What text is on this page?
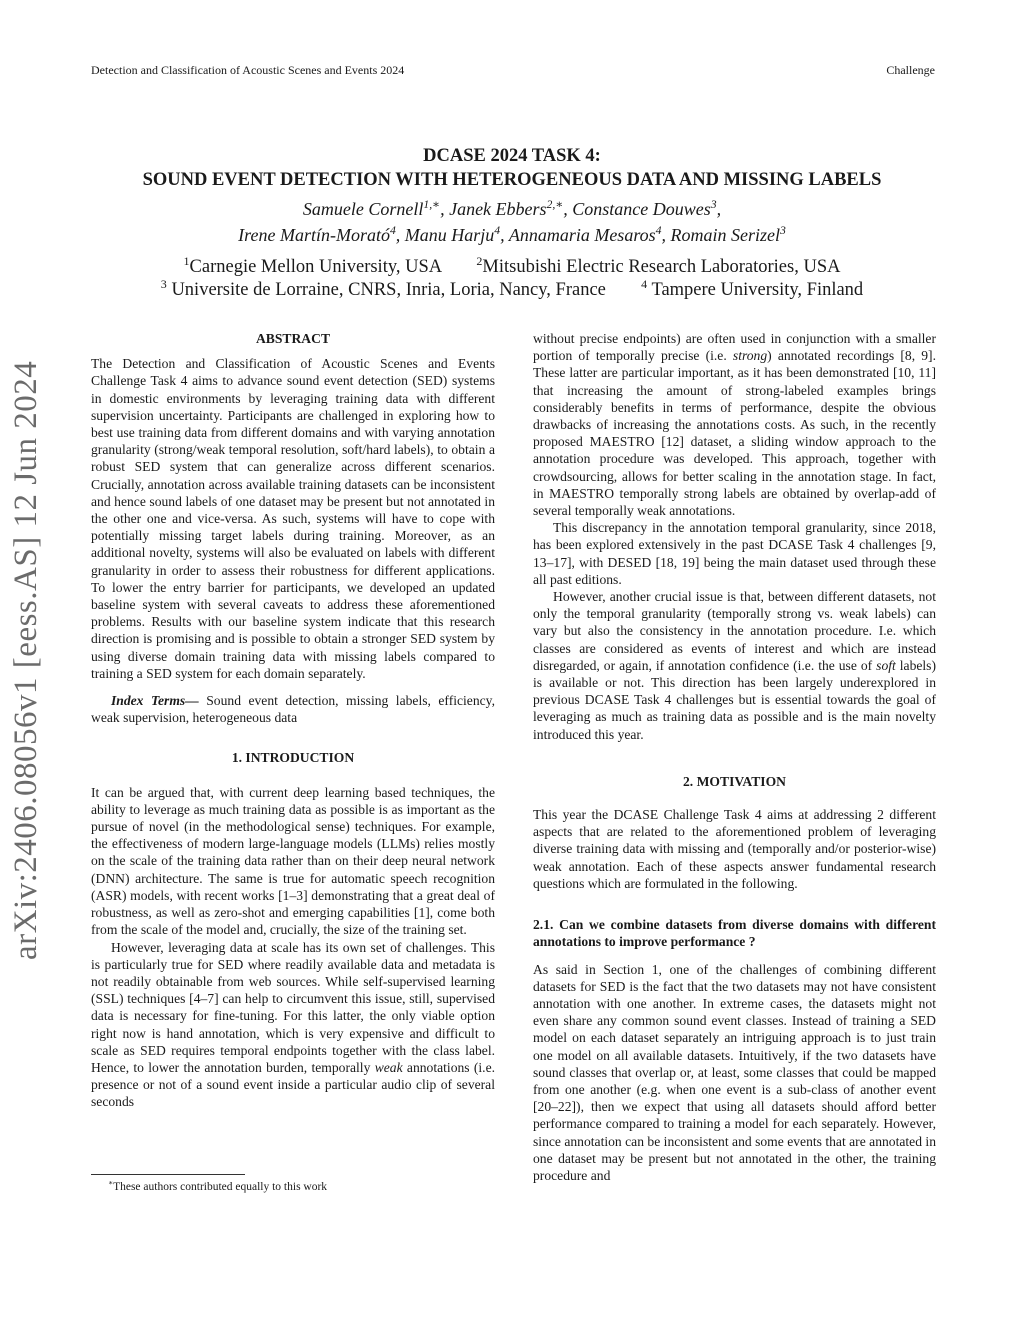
Detection and Classification of Acoustic Scenes and Events 2024	Challenge
arXiv:2406.08056v1 [eess.AS] 12 Jun 2024
DCASE 2024 TASK 4:
SOUND EVENT DETECTION WITH HETEROGENEOUS DATA AND MISSING LABELS
Samuele Cornell$^{1,∗}$, Janek Ebbers$^{2,∗}$, Constance Douwes$^3$,
Irene Martín-Morató$^4$, Manu Harju$^4$, Annamaria Mesaros$^4$, Romain Serizel$^3$
$^1$Carnegie Mellon University, USA	$^2$Mitsubishi Electric Research Laboratories, USA
$^3$ Universite de Lorraine, CNRS, Inria, Loria, Nancy, France	$^4$ Tampere University, Finland
ABSTRACT

The Detection and Classification of Acoustic Scenes and Events Challenge Task 4 aims to advance sound event detection (SED) systems in domestic environments by leveraging training data with different supervision uncertainty. Participants are challenged in exploring how to best use training data from different domains and with varying annotation granularity (strong/weak temporal resolution, soft/hard labels), to obtain a robust SED system that can generalize across different scenarios. Crucially, annotation across available training datasets can be inconsistent and hence sound labels of one dataset may be present but not annotated in the other one and vice-versa. As such, systems will have to cope with potentially missing target labels during training. Moreover, as an additional novelty, systems will also be evaluated on labels with different granularity in order to assess their robustness for different applications. To lower the entry barrier for participants, we developed an updated baseline system with several caveats to address these aforementioned problems. Results with our baseline system indicate that this research direction is promising and is possible to obtain a stronger SED system by using diverse domain training data with missing labels compared to training a SED system for each domain separately.

Index Terms— Sound event detection, missing labels, efficiency, weak supervision, heterogeneous data

1. INTRODUCTION

It can be argued that, with current deep learning based techniques, the ability to leverage as much training data as possible is as important as the pursue of novel (in the methodological sense) techniques. For example, the effectiveness of modern large-language models (LLMs) relies mostly on the scale of the training data rather than on their deep neural network (DNN) architecture. The same is true for automatic speech recognition (ASR) models, with recent works [1–3] demonstrating that a great deal of robustness, as well as zero-shot and emerging capabilities [1], come both from the scale of the model and, crucially, the size of the training set.

However, leveraging data at scale has its own set of challenges. This is particularly true for SED where readily available data and metadata is not readily obtainable from web sources. While self-supervised learning (SSL) techniques [4–7] can help to circumvent this issue, still, supervised data is necessary for fine-tuning. For this latter, the only viable option right now is hand annotation, which is very expensive and difficult to scale as SED requires temporal endpoints together with the class label. Hence, to lower the annotation burden, temporally weak annotations (i.e. presence or not of a sound event inside a particular audio clip of several seconds

∗These authors contributed equally to this work

without precise endpoints) are often used in conjunction with a smaller portion of temporally precise (i.e. strong) annotated recordings [8, 9]. These latter are particular important, as it has been demonstrated [10, 11] that increasing the amount of strong-labeled examples brings considerably benefits in terms of performance, despite the obvious drawbacks of increasing the annotations costs. As such, in the recently proposed MAESTRO [12] dataset, a sliding window approach to the annotation procedure was developed. This approach, together with crowdsourcing, allows for better scaling in the annotation stage. In fact, in MAESTRO temporally strong labels are obtained by overlap-add of several temporally weak annotations.

This discrepancy in the annotation temporal granularity, since 2018, has been explored extensively in the past DCASE Task 4 challenges [9, 13–17], with DESED [18, 19] being the main dataset used through these all past editions.

However, another crucial issue is that, between different datasets, not only the temporal granularity (temporally strong vs. weak labels) can vary but also the consistency in the annotation procedure. I.e. which classes are considered as events of interest and which are instead disregarded, or again, if annotation confidence (i.e. the use of soft labels) is available or not. This direction has been largely underexplored in previous DCASE Task 4 challenges but is essential towards the goal of leveraging as much as training data as possible and is the main novelty introduced this year.

2. MOTIVATION

This year the DCASE Challenge Task 4 aims at addressing 2 different aspects that are related to the aforementioned problem of leveraging diverse training data with missing and (temporally and/or posterior-wise) weak annotation. Each of these aspects answer fundamental research questions which are formulated in the following.

2.1. Can we combine datasets from diverse domains with different annotations to improve performance ?

As said in Section 1, one of the challenges of combining different datasets for SED is the fact that the two datasets may not have consistent annotation with one another. In extreme cases, the datasets might not even share any common sound event classes. Instead of training a SED model on each dataset separately an intriguing approach is to just train one model on all available datasets. Intuitively, if the two datasets have sound classes that overlap or, at least, some classes that could be mapped from one another (e.g. when one event is a sub-class of another event [20–22]), then we expect that using all datasets should afford better performance compared to training a model for each separately. However, since annotation can be inconsistent and some events that are annotated in one dataset may be present but not annotated in the other, the training procedure and
